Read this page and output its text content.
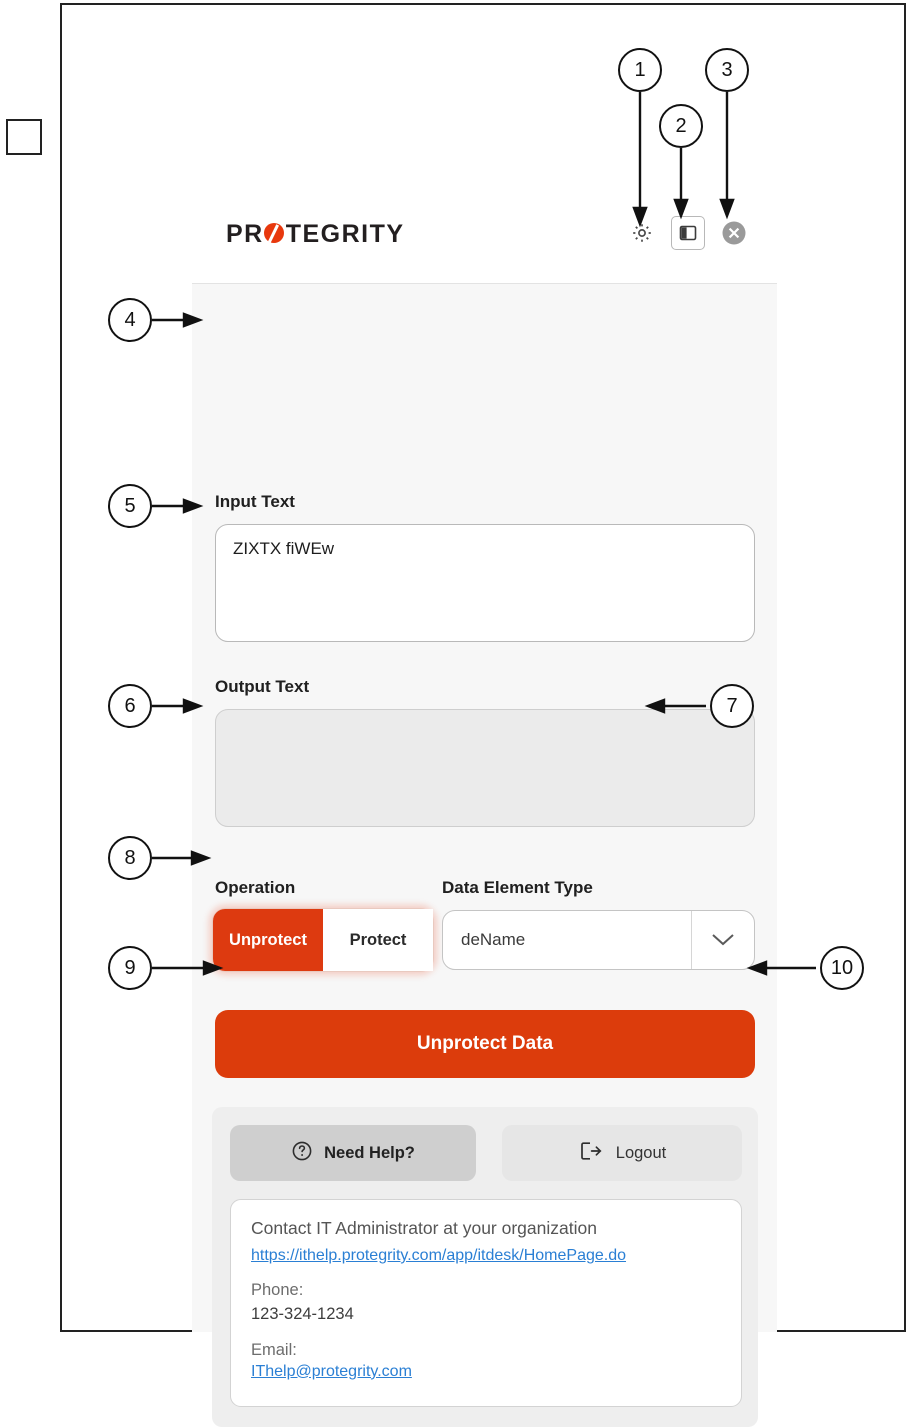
1
2
3
4
5
6	7
8
9	10
PR TEGRITY

Input Text

ZIXTX fiWEw

Output Text

Operation

Unprotect	Protect

Data Element Type

deName
Unprotect Data
Need Help?	Logout

Contact IT Administrator at your organization

https://ithelp.protegrity.com/app/itdesk/HomePage.do

Phone:

123-324-1234

Email:

IThelp@protegrity.com
